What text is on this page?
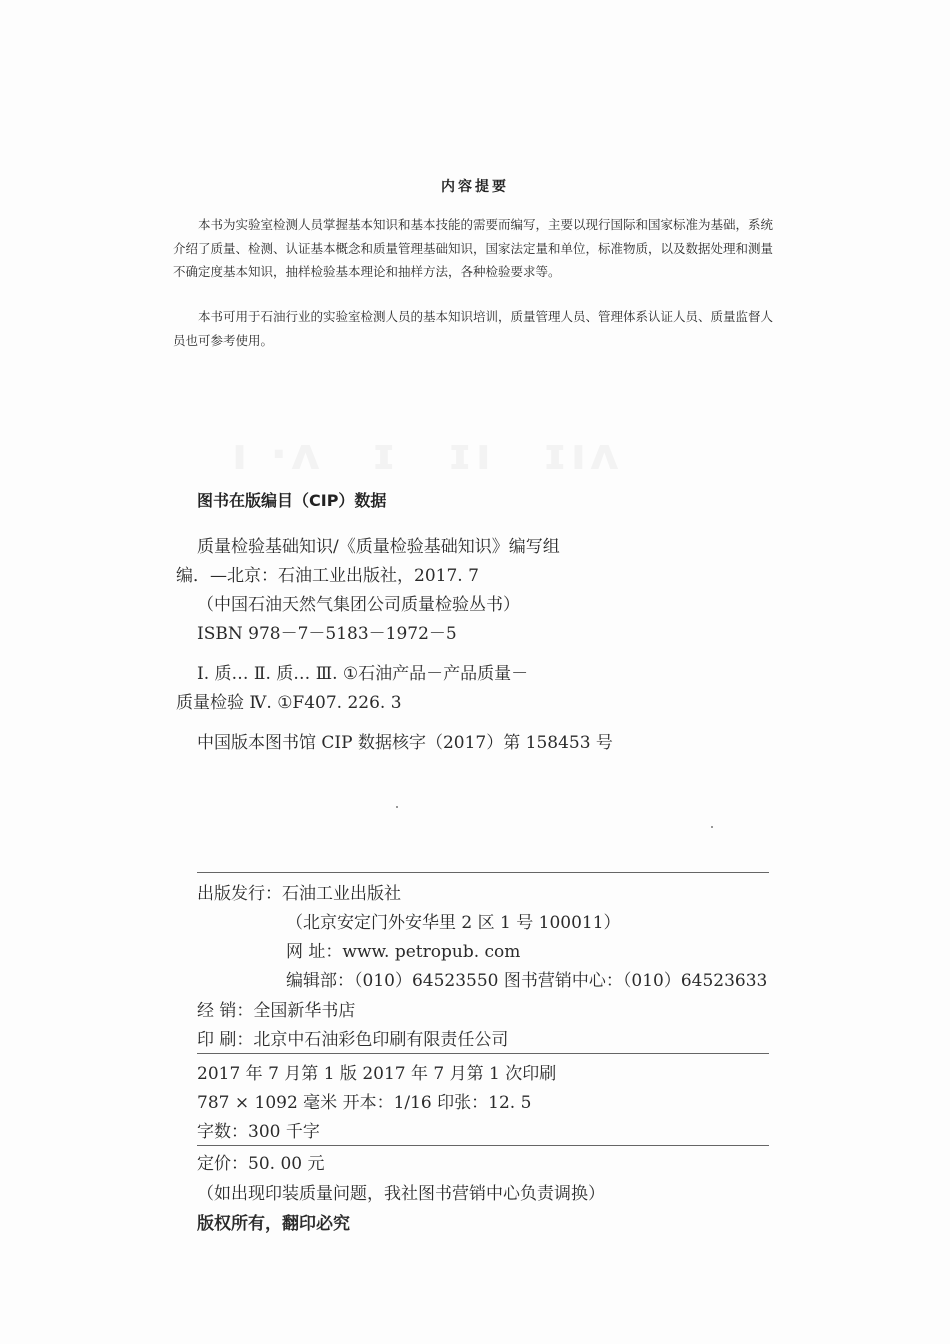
ı ·ʌ　ɪ　ɪı　ɪıʌ
内容提要
本书为实验室检测人员掌握基本知识和基本技能的需要而编写，主要以现行国际和国家标准为基础，系统介绍了质量、检测、认证基本概念和质量管理基础知识，国家法定量和单位，标准物质，以及数据处理和测量不确定度基本知识，抽样检验基本理论和抽样方法，各种检验要求等。
本书可用于石油行业的实验室检测人员的基本知识培训，质量管理人员、管理体系认证人员、质量监督人员也可参考使用。
图书在版编目（CIP）数据
质量检验基础知识/《质量检验基础知识》编写组
编．—北京：石油工业出版社，2017. 7
（中国石油天然气集团公司质量检验丛书）
ISBN 978－7－5183－1972－5
Ⅰ. 质… Ⅱ. 质… Ⅲ. ①石油产品－产品质量－
质量检验 Ⅳ. ①F407. 226. 3
中国版本图书馆 CIP 数据核字（2017）第 158453 号
出版发行：石油工业出版社
（北京安定门外安华里 2 区 1 号 100011）
网 址：www. petropub. com
编辑部：（010）64523550 图书营销中心：（010）64523633
经 销：全国新华书店
印 刷：北京中石油彩色印刷有限责任公司
2017 年 7 月第 1 版 2017 年 7 月第 1 次印刷
787 × 1092 毫米 开本：1/16 印张：12. 5
字数：300 千字
定价：50. 00 元
（如出现印装质量问题，我社图书营销中心负责调换）
版权所有，翻印必究
